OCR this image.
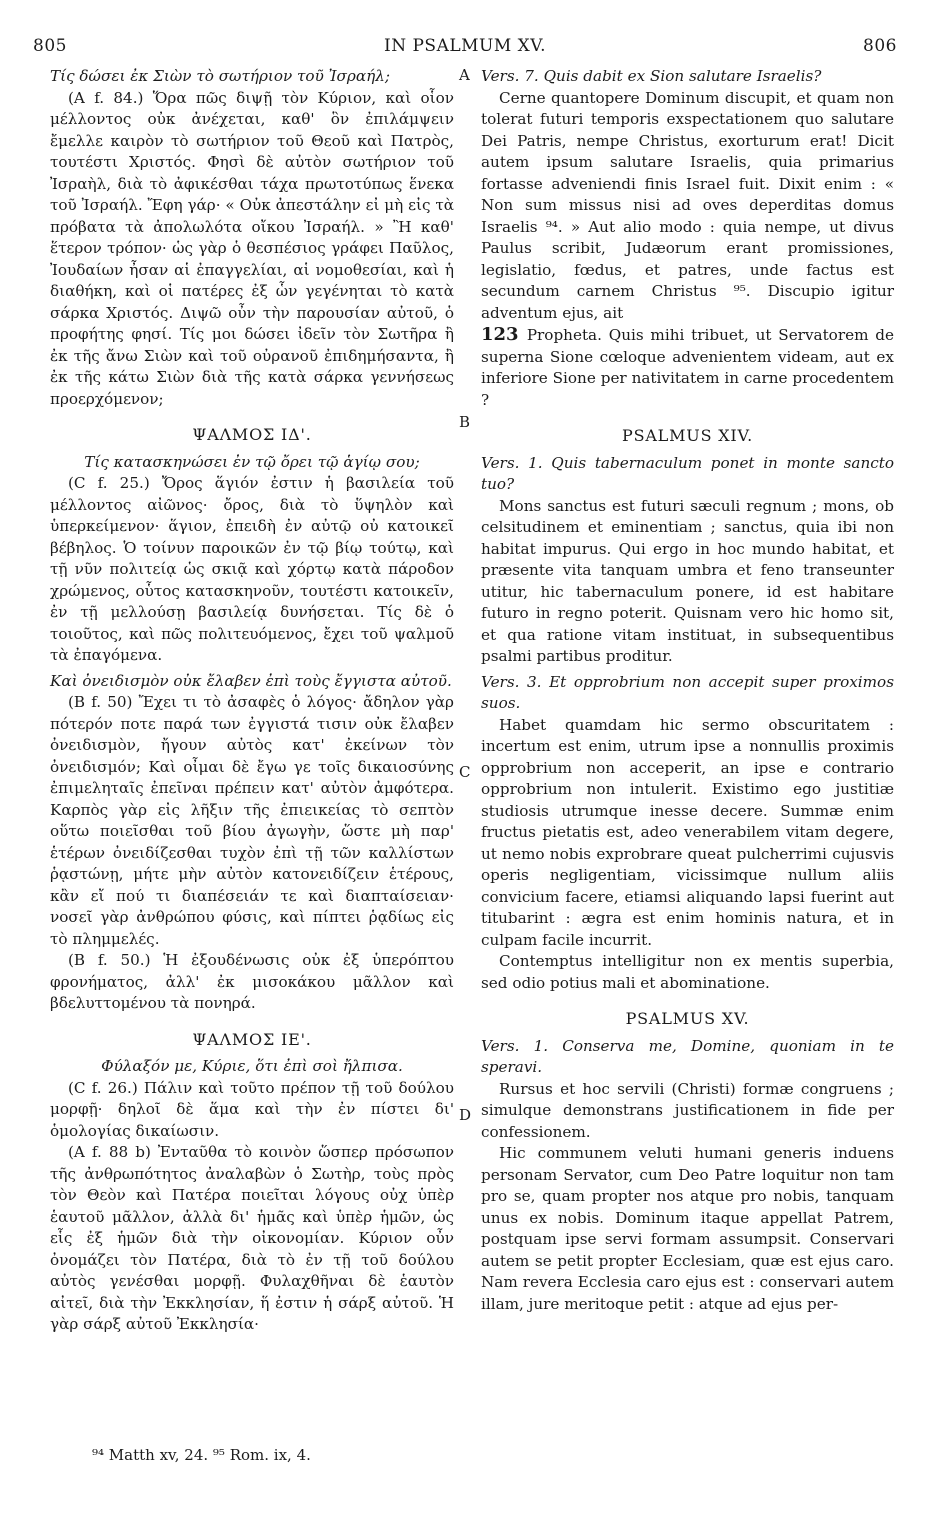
805	IN PSALMUM XV.	806

Τίς δώσει ἐκ Σιὼν τὸ σωτήριον τοῦ Ἰσραήλ;

(A f. 84.) Ὅρα πῶς διψῇ τὸν Κύριον, καὶ οἷον μέλλοντος οὐκ ἀνέχεται, καθ' ὃν ἐπιλάμψειν ἔμελλε καιρὸν τὸ σωτήριον τοῦ Θεοῦ καὶ Πατρὸς, τουτέστι Χριστός. Φησὶ δὲ αὐτὸν σωτήριον τοῦ Ἰσραὴλ, διὰ τὸ ἀφικέσθαι τάχα πρωτοτύπως ἕνεκα τοῦ Ἰσραήλ. Ἔφη γάρ· « Οὐκ ἀπεστάλην εἰ μὴ εἰς τὰ πρόβατα τὰ ἀπολωλότα οἴκου Ἰσραήλ. » Ἢ καθ' ἕτερον τρόπον· ὡς γὰρ ὁ θεσπέσιος γράφει Παῦλος, Ἰουδαίων ἦσαν αἱ ἐπαγγελίαι, αἱ νομοθεσίαι, καὶ ἡ διαθήκη, καὶ οἱ πατέρες ἐξ ὧν γεγένηται τὸ κατὰ σάρκα Χριστός. Διψῶ οὖν τὴν παρουσίαν αὐτοῦ, ὁ προφήτης φησί. Τίς μοι δώσει ἰδεῖν τὸν Σωτῆρα ἢ ἐκ τῆς ἄνω Σιὼν καὶ τοῦ οὐρανοῦ ἐπιδημήσαντα, ἢ ἐκ τῆς κάτω Σιὼν διὰ τῆς κατὰ σάρκα γεννήσεως προερχόμενον;

ΨΑΛΜΟΣ ΙΔ'.

Τίς κατασκηνώσει ἐν τῷ ὄρει τῷ ἁγίῳ σου;

(C f. 25.) Ὄρος ἅγιόν ἐστιν ἡ βασιλεία τοῦ μέλλοντος αἰῶνος· ὄρος, διὰ τὸ ὕψηλὸν καὶ ὑπερκείμενον· ἅγιον, ἐπειδὴ ἐν αὐτῷ οὐ κατοικεῖ βέβηλος. Ὁ τοίνυν παροικῶν ἐν τῷ βίῳ τούτῳ, καὶ τῇ νῦν πολιτείᾳ ὡς σκιᾷ καὶ χόρτῳ κατὰ πάροδον χρώμενος, οὗτος κατασκηνοῦν, τουτέστι κατοικεῖν, ἐν τῇ μελλούσῃ βασιλείᾳ δυνήσεται. Τίς δὲ ὁ τοιοῦτος, καὶ πῶς πολιτευόμενος, ἔχει τοῦ ψαλμοῦ τὰ ἐπαγόμενα.

Καὶ ὀνειδισμὸν οὐκ ἔλαβεν ἐπὶ τοὺς ἔγγιστα αὐτοῦ.

(B f. 50) Ἔχει τι τὸ ἀσαφὲς ὁ λόγος· ἄδηλον γὰρ πότερόν ποτε παρά των ἐγγιστά τισιν οὐκ ἔλαβεν ὀνειδισμὸν, ἤγουν αὐτὸς κατ' ἐκείνων τὸν ὀνειδισμόν; Καὶ οἶμαι δὲ ἔγω γε τοῖς δικαιοσύνης ἐπιμεληταῖς ἐπεῖναι πρέπειν κατ' αὐτὸν ἀμφότερα. Καρπὸς γὰρ εἰς λῆξιν τῆς ἐπιεικείας τὸ σεπτὸν οὕτω ποιεῖσθαι τοῦ βίου ἀγωγὴν, ὥστε μὴ παρ' ἑτέρων ὀνειδίζεσθαι τυχὸν ἐπὶ τῇ τῶν καλλίστων ῥᾳστώνῃ, μήτε μὴν αὐτὸν κατονειδίζειν ἑτέρους, κἂν εἴ πού τι διαπέσειάν τε καὶ διαπταίσειαν· νοσεῖ γὰρ ἀνθρώπου φύσις, καὶ πίπτει ῥᾳδίως εἰς τὸ πλημμελές.

(B f. 50.) Ἡ ἐξουδένωσις οὐκ ἐξ ὑπερόπτου φρονήματος, ἀλλ' ἐκ μισοκάκου μᾶλλον καὶ βδελυττομένου τὰ πονηρά.

ΨΑΛΜΟΣ ΙΕ'.

Φύλαξόν με, Κύριε, ὅτι ἐπὶ σοὶ ἤλπισα.

(C f. 26.) Πάλιν καὶ τοῦτο πρέπον τῇ τοῦ δούλου μορφῇ· δηλοῖ δὲ ἅμα καὶ τὴν ἐν πίστει δι' ὁμολογίας δικαίωσιν.

(A f. 88 b) Ἐνταῦθα τὸ κοινὸν ὥσπερ πρόσωπον τῆς ἀνθρωπότητος ἀναλαβὼν ὁ Σωτὴρ, τοὺς πρὸς τὸν Θεὸν καὶ Πατέρα ποιεῖται λόγους οὐχ ὑπὲρ ἑαυτοῦ μᾶλλον, ἀλλὰ δι' ἡμᾶς καὶ ὑπὲρ ἡμῶν, ὡς εἷς ἐξ ἡμῶν διὰ τὴν οἰκονομίαν. Κύριον οὖν ὀνομάζει τὸν Πατέρα, διὰ τὸ ἐν τῇ τοῦ δούλου αὐτὸς γενέσθαι μορφῇ. Φυλαχθῆναι δὲ ἑαυτὸν αἰτεῖ, διὰ τὴν Ἐκκλησίαν, ἥ ἐστιν ἡ σάρξ αὐτοῦ. Ἡ γὰρ σάρξ αὐτοῦ Ἐκκλησία·

Vers. 7. Quis dabit ex Sion salutare Israelis?

Cerne quantopere Dominum discupit, et quam non tolerat futuri temporis exspectationem quo salutare Dei Patris, nempe Christus, exorturum erat! Dicit autem ipsum salutare Israelis, quia primarius fortasse adveniendi finis Israel fuit. Dixit enim : « Non sum missus nisi ad oves deperditas domus Israelis ⁹⁴. » Aut alio modo : quia nempe, ut divus Paulus scribit, Judæorum erant promissiones, legislatio, fœdus, et patres, unde factus est secundum carnem Christus ⁹⁵. Discupio igitur adventum ejus, ait

123 Propheta. Quis mihi tribuet, ut Servatorem de superna Sione cœloque advenientem videam, aut ex inferiore Sione per nativitatem in carne procedentem ?

PSALMUS XIV.

Vers. 1. Quis tabernaculum ponet in monte sancto tuo?

Mons sanctus est futuri sæculi regnum ; mons, ob celsitudinem et eminentiam ; sanctus, quia ibi non habitat impurus. Qui ergo in hoc mundo habitat, et præsente vita tanquam umbra et feno transeunter utitur, hic tabernaculum ponere, id est habitare futuro in regno poterit. Quisnam vero hic homo sit, et qua ratione vitam instituat, in subsequentibus psalmi partibus proditur.

Vers. 3. Et opprobrium non accepit super proximos suos.

Habet quamdam hic sermo obscuritatem : incertum est enim, utrum ipse a nonnullis proximis opprobrium non acceperit, an ipse e contrario opprobrium non intulerit. Existimo ego justitiæ studiosis utrumque inesse decere. Summæ enim fructus pietatis est, adeo venerabilem vitam degere, ut nemo nobis exprobrare queat pulcherrimi cujusvis operis negligentiam, vicissimque nullum aliis convicium facere, etiamsi aliquando lapsi fuerint aut titubarint : ægra est enim hominis natura, et in culpam facile incurrit.

Contemptus intelligitur non ex mentis superbia, sed odio potius mali et abominatione.

PSALMUS XV.

Vers. 1. Conserva me, Domine, quoniam in te speravi.

Rursus et hoc servili (Christi) formæ congruens ; simulque demonstrans justificationem in fide per confessionem.

Hic communem veluti humani generis induens personam Servator, cum Deo Patre loquitur non tam pro se, quam propter nos atque pro nobis, tanquam unus ex nobis. Dominum itaque appellat Patrem, postquam ipse servi formam assumpsit. Conservari autem se petit propter Ecclesiam, quæ est ejus caro. Nam revera Ecclesia caro ejus est : conservari autem illam, jure meritoque petit : atque ad ejus per-

A
B
C
D
⁹⁴ Matth xv, 24. ⁹⁵ Rom. ix, 4.
